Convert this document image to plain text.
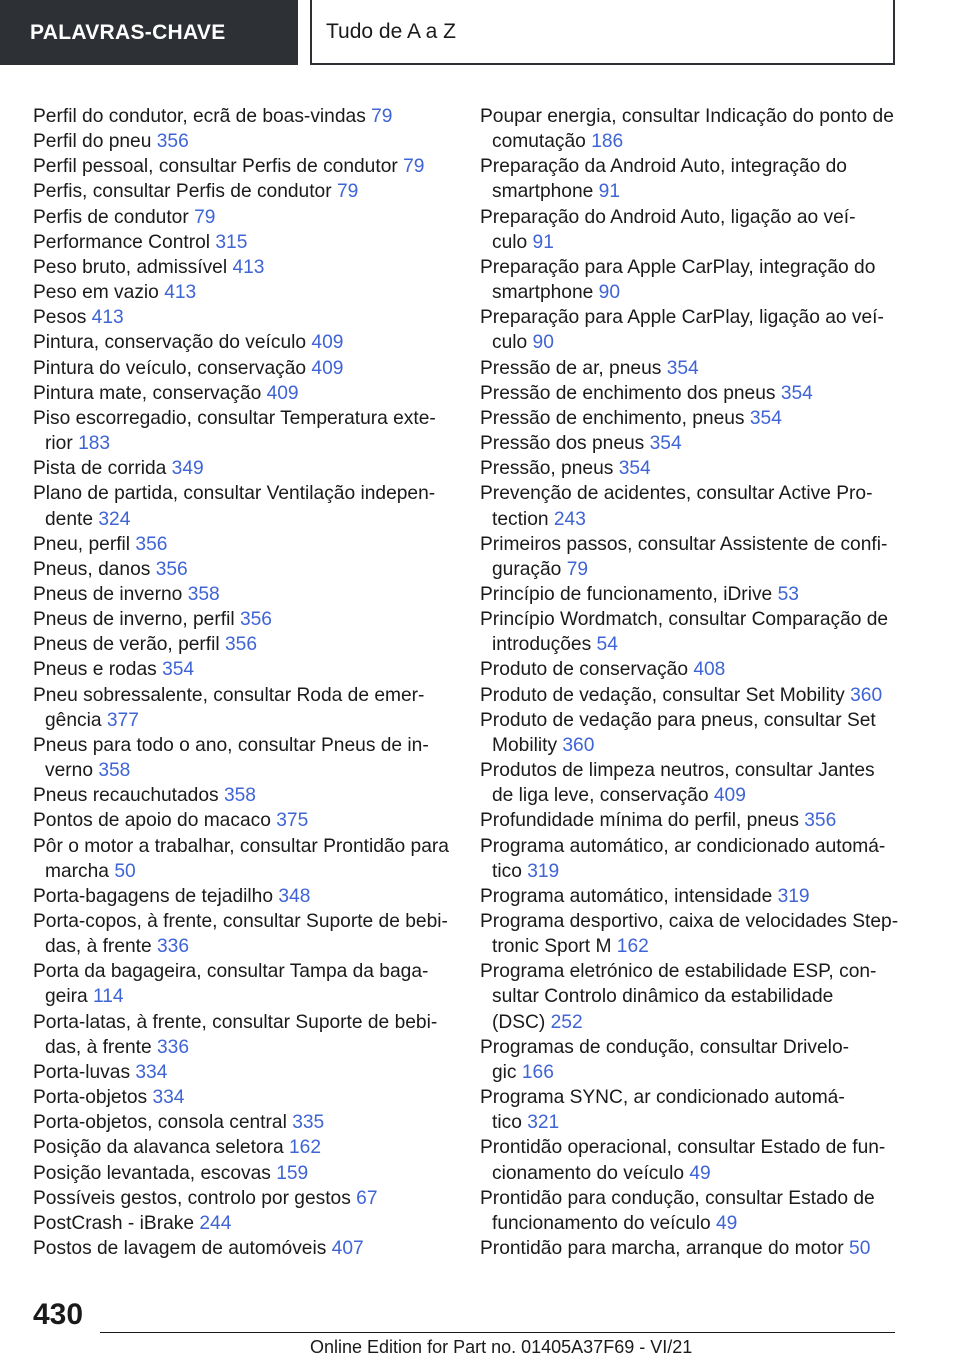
PALAVRAS-CHAVE	Tudo de A a Z
Perfil do condutor, ecrã de boas-vindas 79
Perfil do pneu 356
Perfil pessoal, consultar Perfis de condutor 79
Perfis, consultar Perfis de condutor 79
Perfis de condutor 79
Performance Control 315
Peso bruto, admissível 413
Peso em vazio 413
Pesos 413
Pintura, conservação do veículo 409
Pintura do veículo, conservação 409
Pintura mate, conservação 409
Piso escorregadio, consultar Temperatura exte-
rior 183
Pista de corrida 349
Plano de partida, consultar Ventilação indepen-
dente 324
Pneu, perfil 356
Pneus, danos 356
Pneus de inverno 358
Pneus de inverno, perfil 356
Pneus de verão, perfil 356
Pneus e rodas 354
Pneu sobressalente, consultar Roda de emer-
gência 377
Pneus para todo o ano, consultar Pneus de in-
verno 358
Pneus recauchutados 358
Pontos de apoio do macaco 375
Pôr o motor a trabalhar, consultar Prontidão para
marcha 50
Porta-bagagens de tejadilho 348
Porta-copos, à frente, consultar Suporte de bebi-
das, à frente 336
Porta da bagageira, consultar Tampa da baga-
geira 114
Porta-latas, à frente, consultar Suporte de bebi-
das, à frente 336
Porta-luvas 334
Porta-objetos 334
Porta-objetos, consola central 335
Posição da alavanca seletora 162
Posição levantada, escovas 159
Possíveis gestos, controlo por gestos 67
PostCrash - iBrake 244
Postos de lavagem de automóveis 407
Poupar energia, consultar Indicação do ponto de
comutação 186
Preparação da Android Auto, integração do
smartphone 91
Preparação do Android Auto, ligação ao veí-
culo 91
Preparação para Apple CarPlay, integração do
smartphone 90
Preparação para Apple CarPlay, ligação ao veí-
culo 90
Pressão de ar, pneus 354
Pressão de enchimento dos pneus 354
Pressão de enchimento, pneus 354
Pressão dos pneus 354
Pressão, pneus 354
Prevenção de acidentes, consultar Active Pro-
tection 243
Primeiros passos, consultar Assistente de confi-
guração 79
Princípio de funcionamento, iDrive 53
Princípio Wordmatch, consultar Comparação de
introduções 54
Produto de conservação 408
Produto de vedação, consultar Set Mobility 360
Produto de vedação para pneus, consultar Set
Mobility 360
Produtos de limpeza neutros, consultar Jantes
de liga leve, conservação 409
Profundidade mínima do perfil, pneus 356
Programa automático, ar condicionado automá-
tico 319
Programa automático, intensidade 319
Programa desportivo, caixa de velocidades Step-
tronic Sport M 162
Programa eletrónico de estabilidade ESP, con-
sultar Controlo dinâmico da estabilidade
(DSC) 252
Programas de condução, consultar Drivelo-
gic 166
Programa SYNC, ar condicionado automá-
tico 321
Prontidão operacional, consultar Estado de fun-
cionamento do veículo 49
Prontidão para condução, consultar Estado de
funcionamento do veículo 49
Prontidão para marcha, arranque do motor 50
430
Online Edition for Part no. 01405A37F69 - VI/21
